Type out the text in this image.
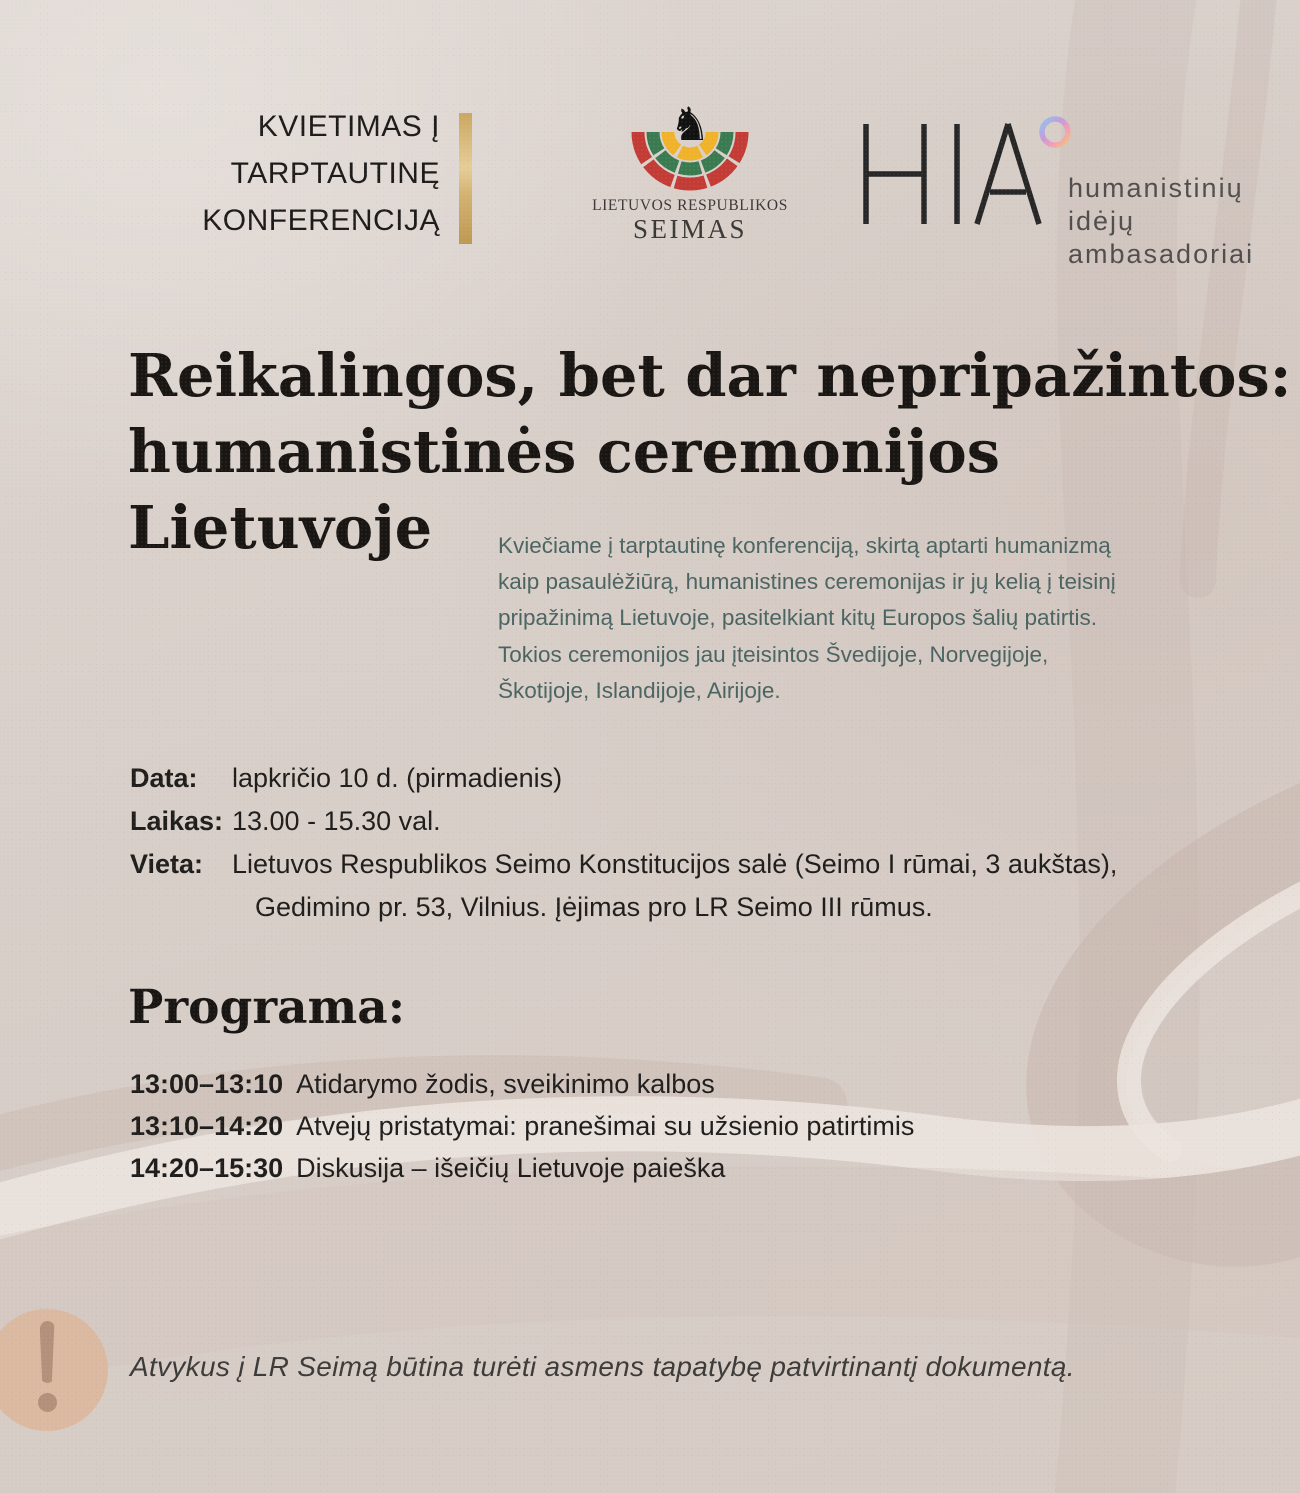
KVIETIMAS Į
TARPTAUTINĘ
KONFERENCIJĄ
♞
LIETUVOS RESPUBLIKOS
SEIMAS
humanistinių idėjų
ambasadoriai
Reikalingos, bet dar nepripažintos:
humanistinės ceremonijos
Lietuvoje	Kviečiame į tarptautinę konferenciją, skirtą aptarti humanizmą
kaip pasaulėžiūrą, humanistines ceremonijas ir jų kelią į teisinį
pripažinimą Lietuvoje, pasitelkiant kitų Europos šalių patirtis.
Tokios ceremonijos jau įteisintos Švedijoje, Norvegijoje,
Škotijoje, Islandijoje, Airijoje.
Data:	lapkričio 10 d. (pirmadienis)
Laikas: 13.00 - 15.30 val.
Vieta:	Lietuvos Respublikos Seimo Konstitucijos salė (Seimo I rūmai, 3 aukštas),
Gedimino pr. 53, Vilnius. Įėjimas pro LR Seimo III rūmus.
Programa:
13:00–13:10 Atidarymo žodis, sveikinimo kalbos
13:10–14:20 Atvejų pristatymai: pranešimai su užsienio patirtimis
14:20–15:30 Diskusija – išeičių Lietuvoje paieška
Atvykus į LR Seimą būtina turėti asmens tapatybę patvirtinantį dokumentą.
